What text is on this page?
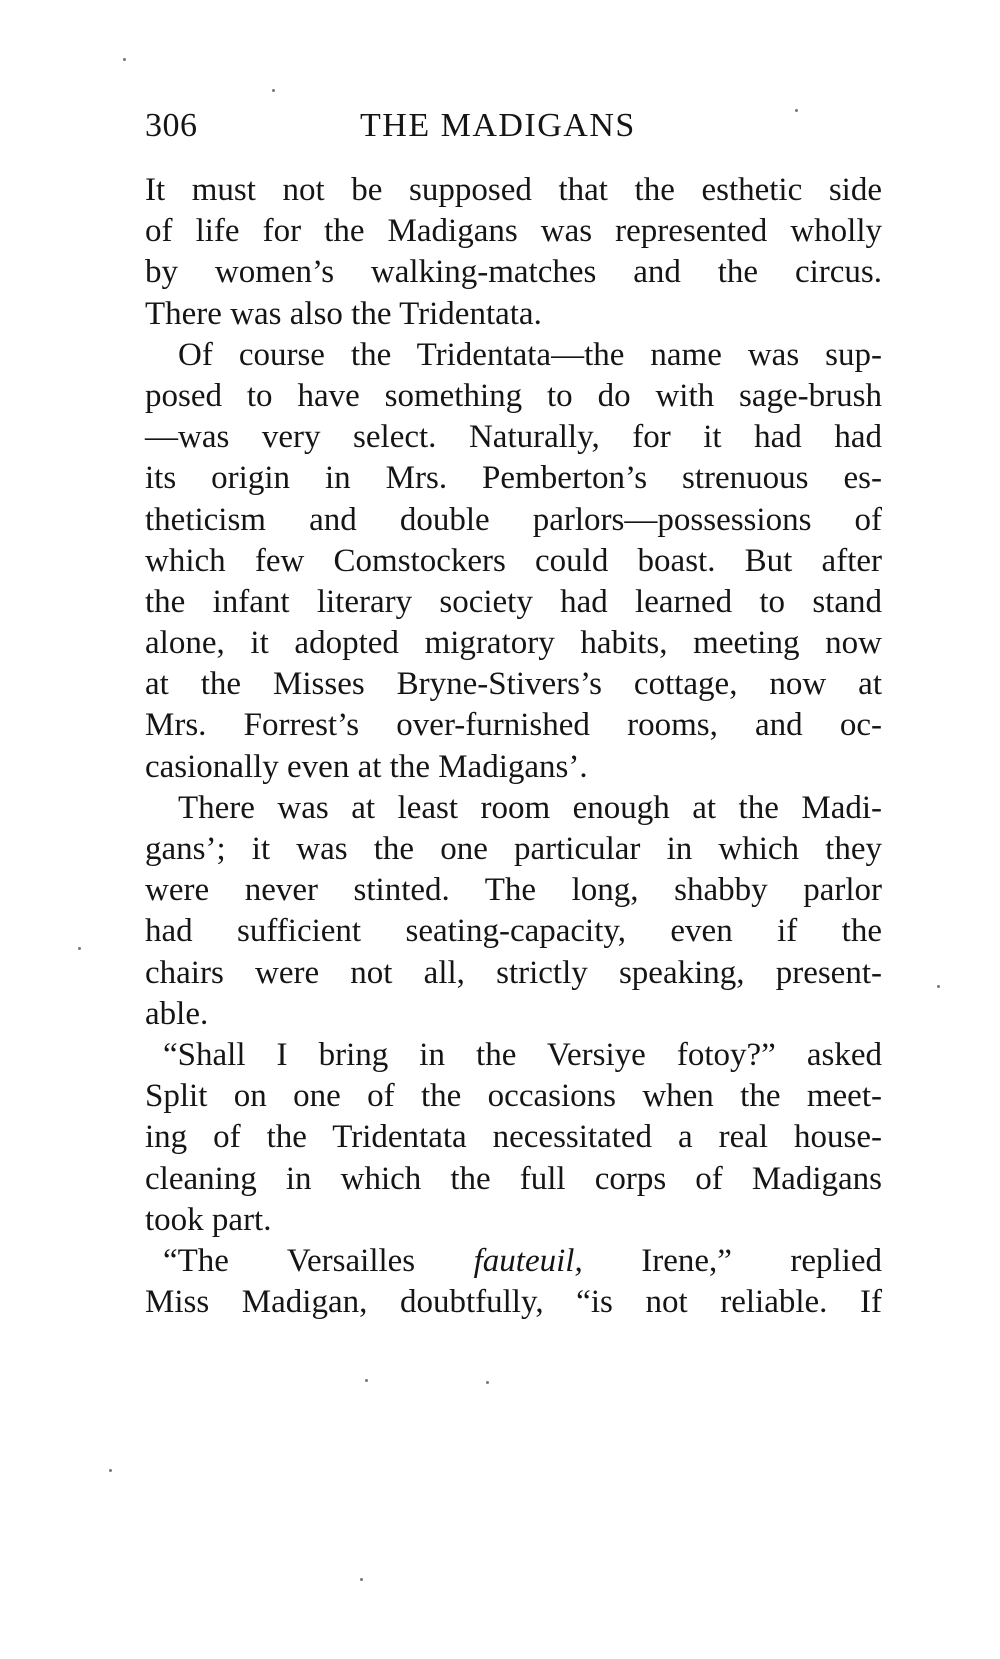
306	THE MADIGANS
It must not be supposed that the esthetic side
of life for the Madigans was represented wholly
by women’s walking-matches and the circus.
There was also the Tridentata.
Of course the Tridentata—the name was sup-
posed to have something to do with sage-brush
—was very select. Naturally, for it had had
its origin in Mrs. Pemberton’s strenuous es-
theticism and double parlors—possessions of
which few Comstockers could boast. But after
the infant literary society had learned to stand
alone, it adopted migratory habits, meeting now
at the Misses Bryne-Stivers’s cottage, now at
Mrs. Forrest’s over-furnished rooms, and oc-
casionally even at the Madigans’.
There was at least room enough at the Madi-
gans’; it was the one particular in which they
were never stinted. The long, shabby parlor
had sufficient seating-capacity, even if the
chairs were not all, strictly speaking, present-
able.
“Shall I bring in the Versiye fotoy?” asked
Split on one of the occasions when the meet-
ing of the Tridentata necessitated a real house-
cleaning in which the full corps of Madigans
took part.
“The Versailles fauteuil, Irene,” replied
Miss Madigan, doubtfully, “is not reliable. If
